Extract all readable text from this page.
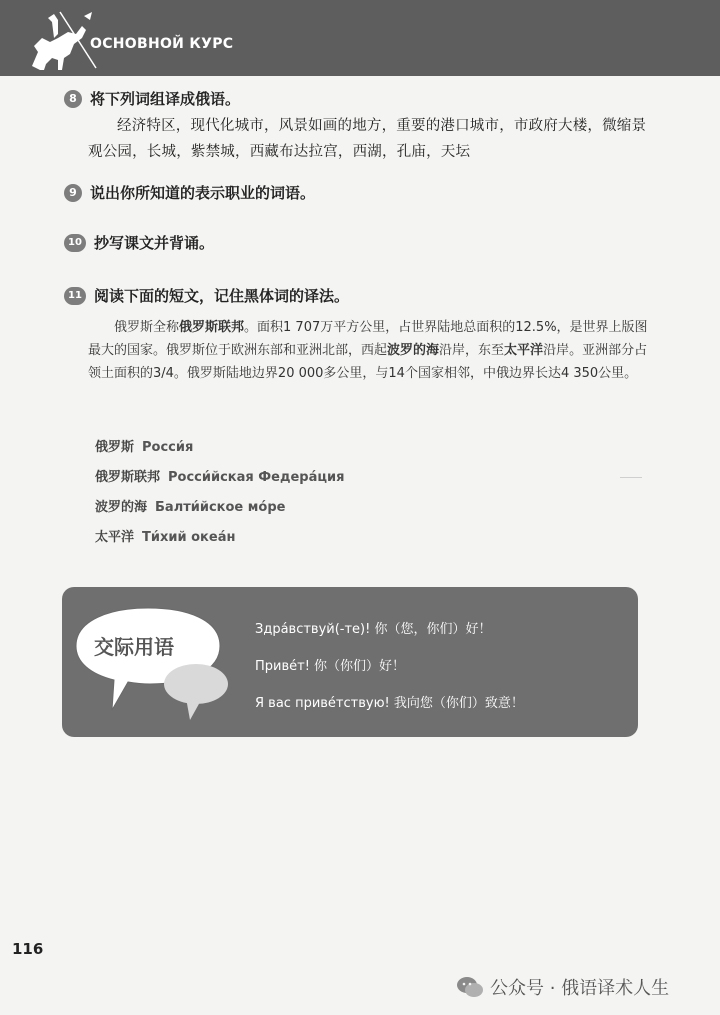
ОСНОВНОЙ КУРС
8 将下列词组译成俄语。
经济特区，现代化城市，风景如画的地方，重要的港口城市，市政府大楼，微缩景观公园，长城，紫禁城，西藏布达拉宫，西湖，孔庙，天坛
9 说出你所知道的表示职业的词语。
10 抄写课文并背诵。
11 阅读下面的短文，记住黑体词的译法。
俄罗斯全称俄罗斯联邦。面积1 707万平方公里，占世界陆地总面积的12.5%，是世界上版图最大的国家。俄罗斯位于欧洲东部和亚洲北部，西起波罗的海沿岸，东至太平洋沿岸。亚洲部分占领土面积的3/4。俄罗斯陆地边界20 000多公里，与14个国家相邻，中俄边界长达4 350公里。
俄罗斯 Росси́я
俄罗斯联邦 Росси́йская Федера́ция
波罗的海 Балти́йское мо́ре
太平洋 Ти́хий океа́н
交际用语
Здра́вствуй(-те)! 你（您，你们）好！
Приве́т! 你（你们）好！
Я вас приве́тствую! 我向您（你们）致意！
116
公众号 · 俄语译术人生
